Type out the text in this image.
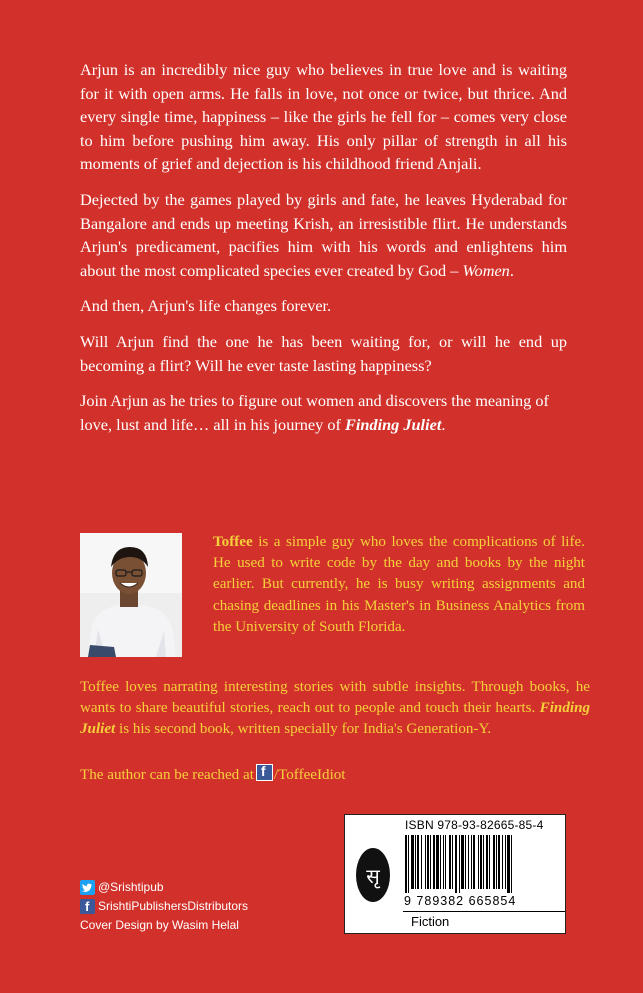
Arjun is an incredibly nice guy who believes in true love and is waiting for it with open arms. He falls in love, not once or twice, but thrice. And every single time, happiness – like the girls he fell for – comes very close to him before pushing him away. His only pillar of strength in all his moments of grief and dejection is his childhood friend Anjali.

Dejected by the games played by girls and fate, he leaves Hyderabad for Bangalore and ends up meeting Krish, an irresistible flirt. He understands Arjun's predicament, pacifies him with his words and enlightens him about the most complicated species ever created by God – Women.

And then, Arjun's life changes forever.

Will Arjun find the one he has been waiting for, or will he end up becoming a flirt? Will he ever taste lasting happiness?

Join Arjun as he tries to figure out women and discovers the meaning of love, lust and life… all in his journey of Finding Juliet.

Toffee is a simple guy who loves the complications of life. He used to write code by the day and books by the night earlier. But currently, he is busy writing assignments and chasing deadlines in his Master's in Business Analytics from the University of South Florida.
Toffee loves narrating interesting stories with subtle insights. Through books, he wants to share beautiful stories, reach out to people and touch their hearts. Finding Juliet is his second book, written specially for India's Generation-Y.
The author can be reached atf /ToffeeIdiot
@Srishtipub
f
SrishtiPublishersDistributors
Cover Design by Wasim Helal
सृ
ISBN 978-93-82665-85-4
9 789382 665854
Fiction
